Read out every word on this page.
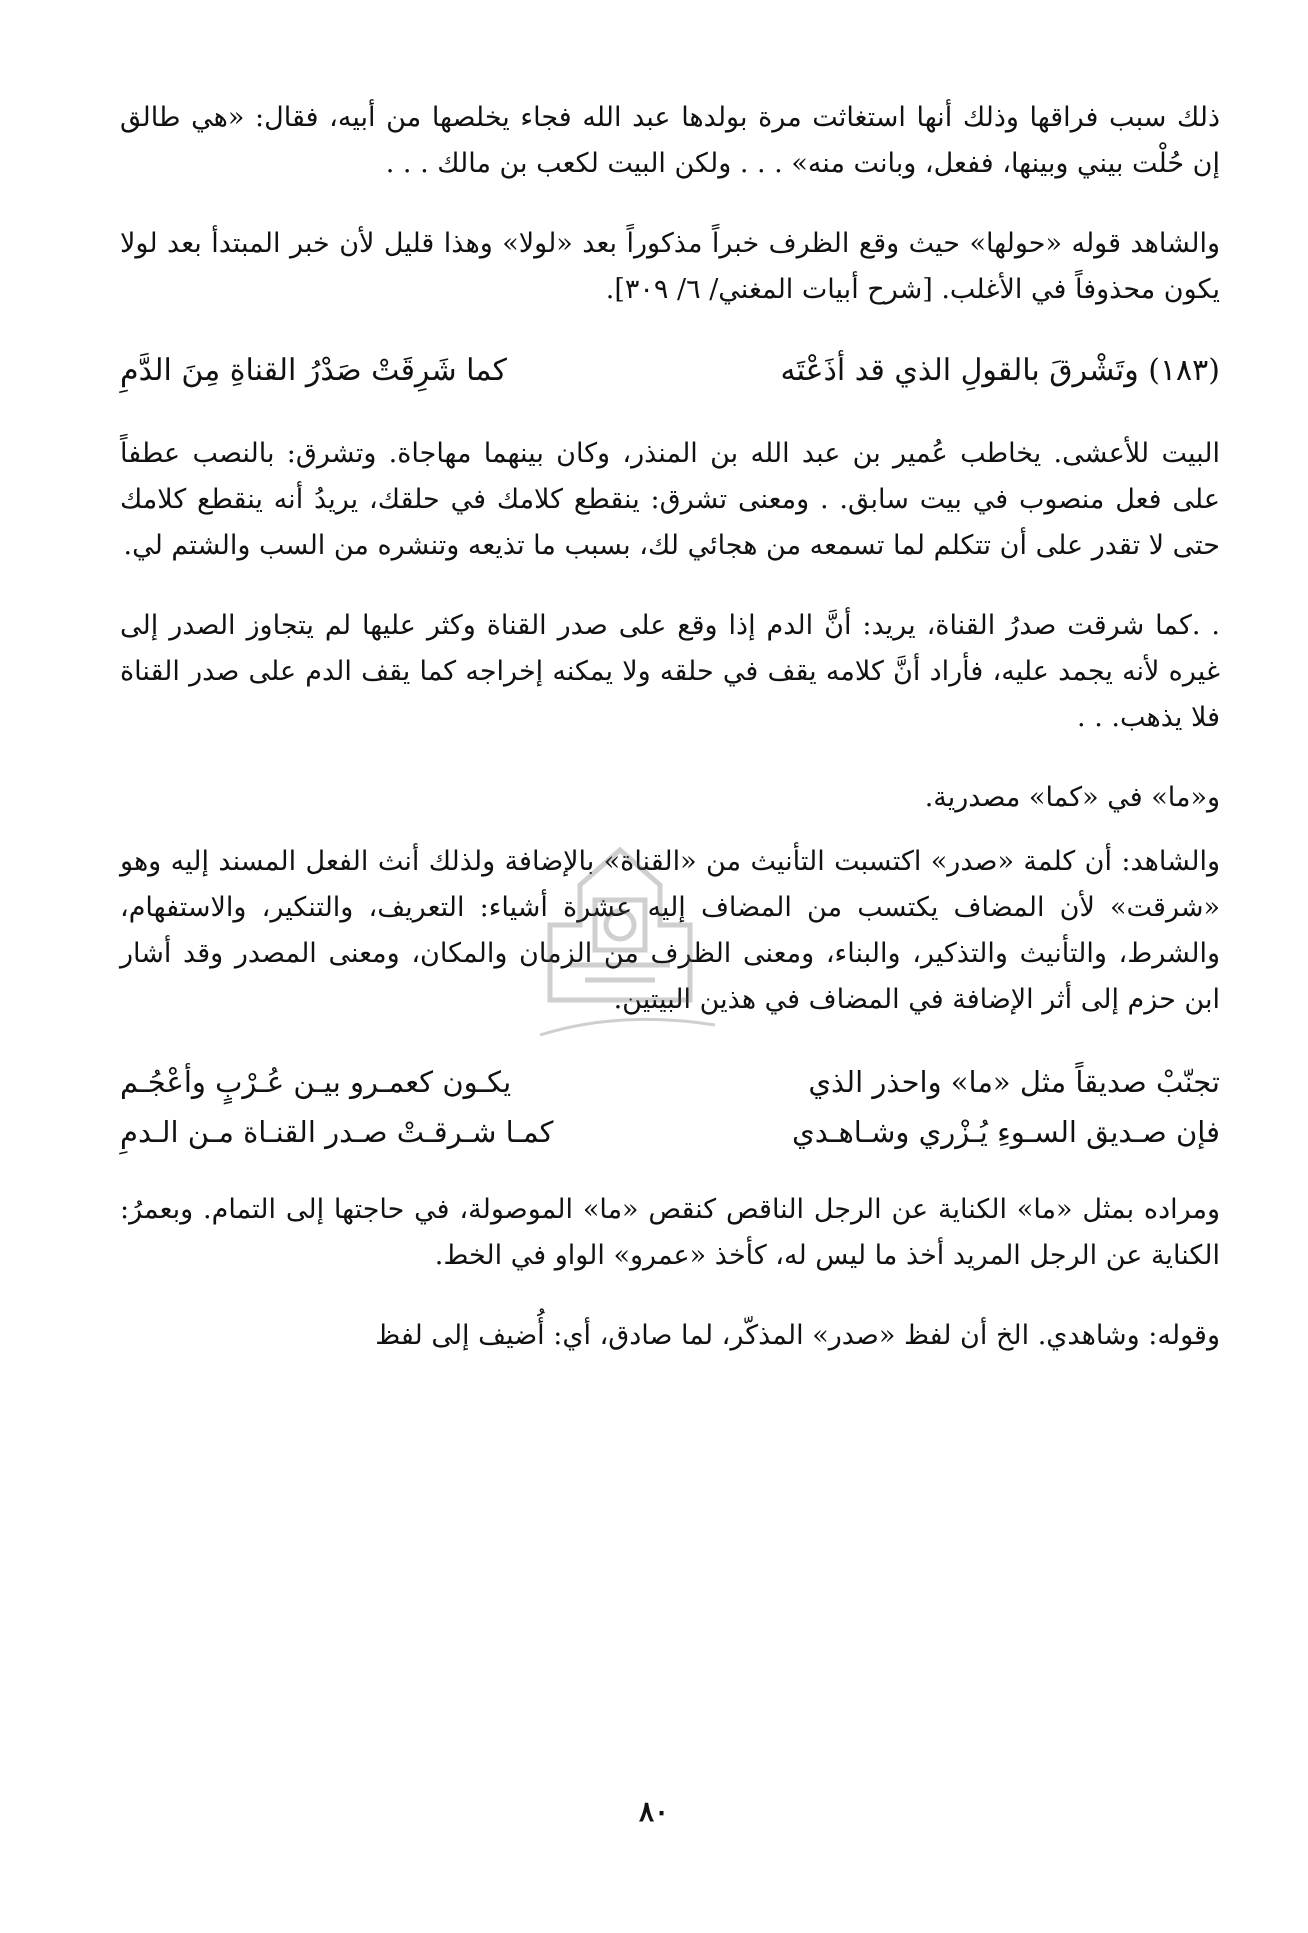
ذلك سبب فراقها وذلك أنها استغاثت مرة بولدها عبد الله فجاء يخلصها من أبيه، فقال: «هي طالق إن حُلْت بيني وبينها، ففعل، وبانت منه» . . . ولكن البيت لكعب بن مالك . . .

والشاهد قوله «حولها» حيث وقع الظرف خبراً مذكوراً بعد «لولا» وهذا قليل لأن خبر المبتدأ بعد لولا يكون محذوفاً في الأغلب. [شرح أبيات المغني/ ٦/ ٣٠٩].

(١٨٣) وتَشْرقَ بالقولِ الذي قد أذَعْتَه
كما شَرِقَتْ صَدْرُ القناةِ مِنَ الدَّمِ

البيت للأعشى. يخاطب عُمير بن عبد الله بن المنذر، وكان بينهما مهاجاة. وتشرق: بالنصب عطفاً على فعل منصوب في بيت سابق. . ومعنى تشرق: ينقطع كلامك في حلقك، يريدُ أنه ينقطع كلامك حتى لا تقدر على أن تتكلم لما تسمعه من هجائي لك، بسبب ما تذيعه وتنشره من السب والشتم لي.

. .كما شرقت صدرُ القناة، يريد: أنَّ الدم إذا وقع على صدر القناة وكثر عليها لم يتجاوز الصدر إلى غيره لأنه يجمد عليه، فأراد أنَّ كلامه يقف في حلقه ولا يمكنه إخراجه كما يقف الدم على صدر القناة فلا يذهب. . .

و«ما» في «كما» مصدرية.

والشاهد: أن كلمة «صدر» اكتسبت التأنيث من «القناة» بالإضافة ولذلك أنث الفعل المسند إليه وهو «شرقت» لأن المضاف يكتسب من المضاف إليه عشرة أشياء: التعريف، والتنكير، والاستفهام، والشرط، والتأنيث والتذكير، والبناء، ومعنى الظرف من الزمان والمكان، ومعنى المصدر وقد أشار ابن حزم إلى أثر الإضافة في المضاف في هذين البيتين.

تجنّبْ صديقاً مثل «ما» واحذر الذي
يكـون كعمـرو بيـن عُـرْبٍ وأعْجُـم
فإن صـديق السـوءِ يُـزْري وشـاهـدي
كمـا شـرقـتْ صـدر القنـاة مـن الـدمِ

ومراده بمثل «ما» الكناية عن الرجل الناقص كنقص «ما» الموصولة، في حاجتها إلى التمام. وبعمرُ: الكناية عن الرجل المريد أخذ ما ليس له، كأخذ «عمرو» الواو في الخط.

وقوله: وشاهدي. الخ أن لفظ «صدر» المذكّر، لما صادق، أي: أُضيف إلى لفظ

٨٠
